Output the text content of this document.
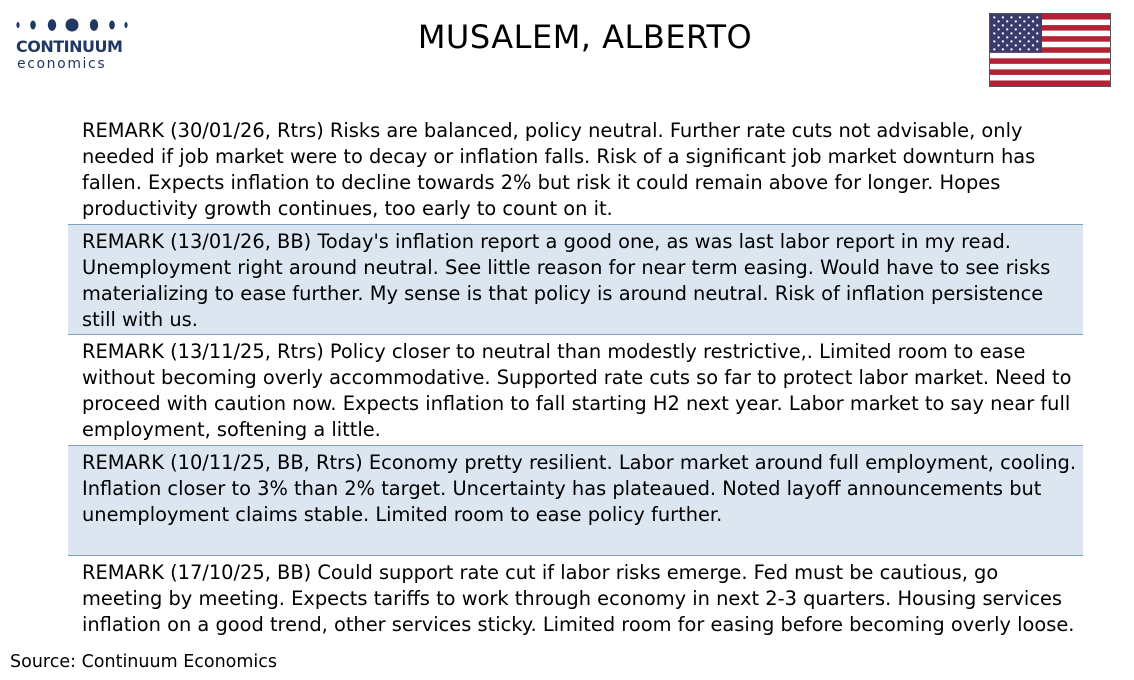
CONTINUUM
economics
MUSALEM, ALBERTO
REMARK (30/01/26, Rtrs) Risks are balanced, policy neutral. Further rate cuts not advisable, only needed if job market were to decay or inflation falls. Risk of a significant job market downturn has fallen. Expects inflation to decline towards 2% but risk it could remain above for longer. Hopes productivity growth continues, too early to count on it.
REMARK (13/01/26, BB) Today's inflation report a good one, as was last labor report in my read. Unemployment right around neutral. See little reason for near term easing. Would have to see risks materializing to ease further. My sense is that policy is around neutral. Risk of inflation persistence still with us.
REMARK (13/11/25, Rtrs) Policy closer to neutral than modestly restrictive,. Limited room to ease without becoming overly accommodative. Supported rate cuts so far to protect labor market. Need to proceed with caution now. Expects inflation to fall starting H2 next year. Labor market to say near full employment, softening a little.
REMARK (10/11/25, BB, Rtrs) Economy pretty resilient. Labor market around full employment, cooling. Inflation closer to 3% than 2% target. Uncertainty has plateaued. Noted layoff announcements but unemployment claims stable. Limited room to ease policy further.
REMARK (17/10/25, BB) Could support rate cut if labor risks emerge. Fed must be cautious, go meeting by meeting. Expects tariffs to work through economy in next 2-3 quarters. Housing services inflation on a good trend, other services sticky. Limited room for easing before becoming overly loose.
Source: Continuum Economics
